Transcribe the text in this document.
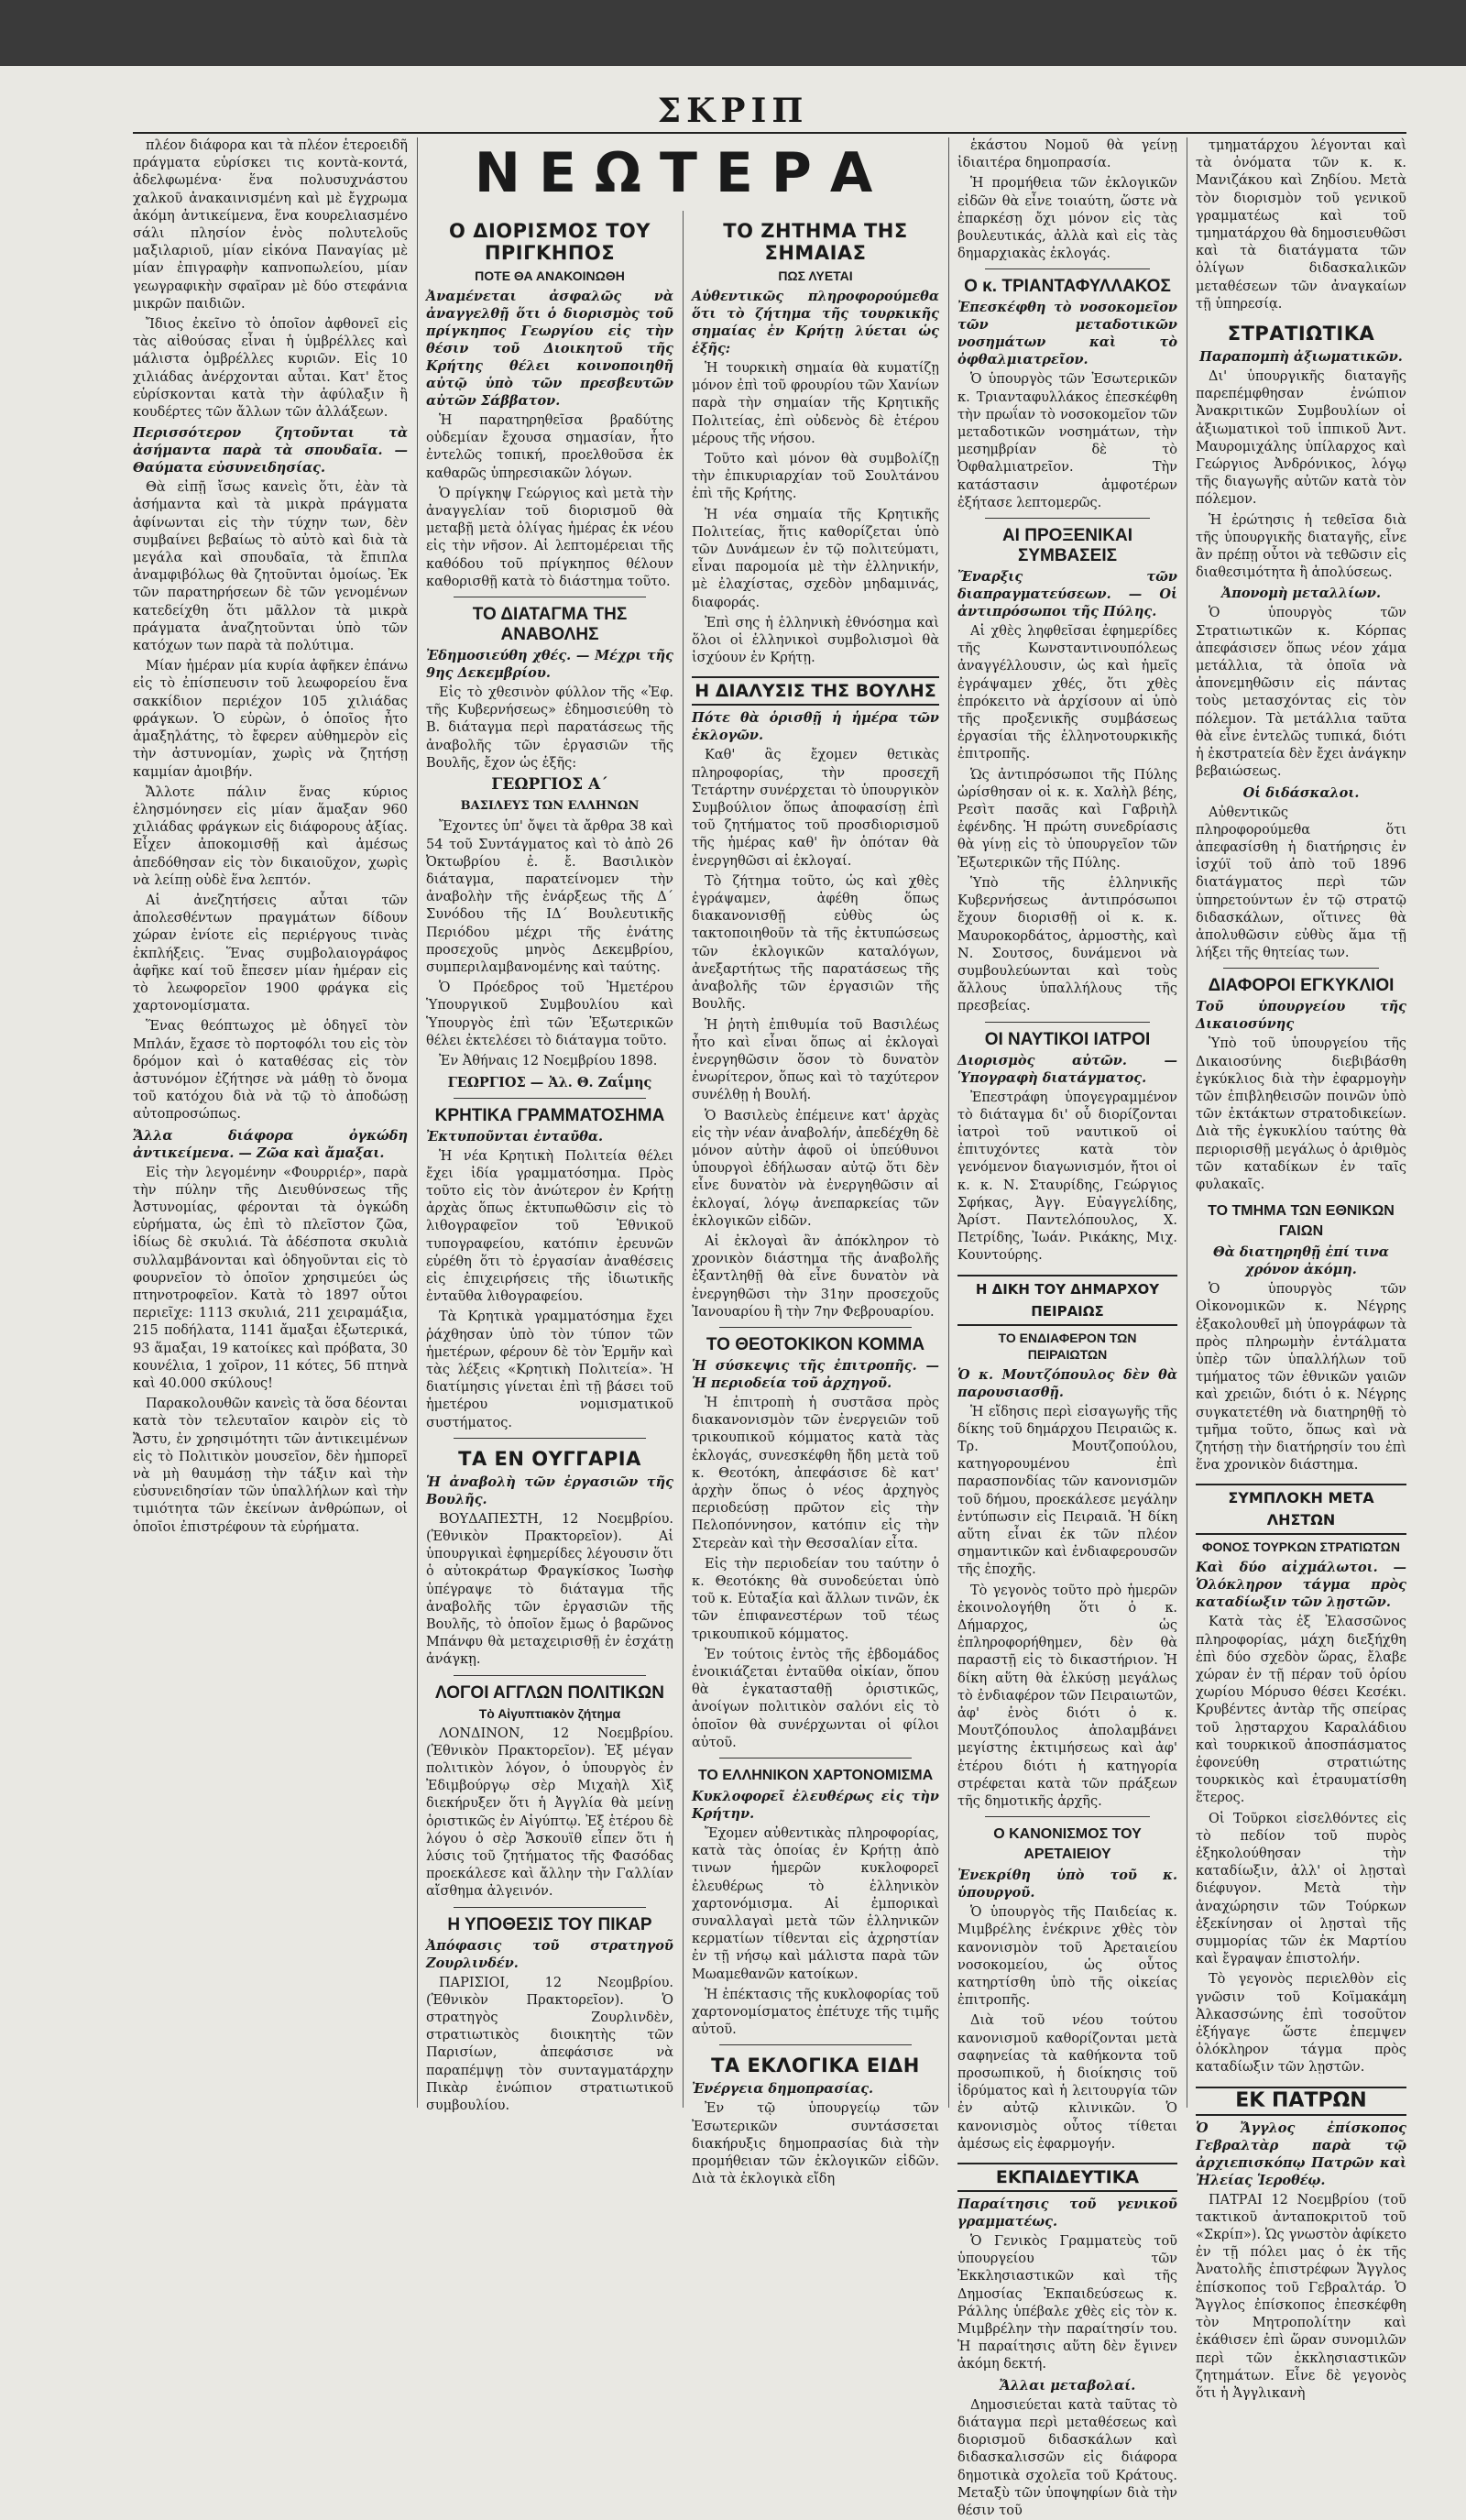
ΣΚΡΙΠ

πλέον διάφορα και τὰ πλέον ἑτεροειδῆ πράγματα εὑρίσκει τις κοντὰ-κοντά, ἀδελφωμένα· ἕνα πολυσυχνάστου χαλκοῦ ἀνακαινισμένη καὶ μὲ ἔγχρωμα ἀκόμη ἀντικείμενα, ἕνα κουρελιασμένο σάλι πλησίον ἑνὸς πολυτελοῦς μαξιλαριοῦ, μίαν εἰκόνα Παναγίας μὲ μίαν ἐπιγραφὴν καπνοπωλείου, μίαν γεωγραφικὴν σφαῖραν μὲ δύο στεφάνια μικρῶν παιδιῶν.

Ἴδιος ἐκεῖνο τὸ ὁποῖον ἀφθονεῖ εἰς τὰς αἰθούσας εἶναι ἡ ὑμβρέλλες καὶ μάλιστα ὀμβρέλλες κυριῶν. Εἰς 10 χιλιάδας ἀνέρχονται αὗται. Κατ' ἔτος εὑρίσκονται κατὰ τὴν ἀφύλαξιν ἢ κουδέρτες τῶν ἄλλων τῶν ἀλλάξεων.

Περισσότερον ζητοῦνται τὰ ἀσήμαντα παρὰ τὰ σπουδαῖα. — Θαύματα εὐσυνειδησίας.

Θὰ εἰπῇ ἴσως κανεὶς ὅτι, ἐὰν τὰ ἀσήμαντα καὶ τὰ μικρὰ πράγματα ἀφίνωνται εἰς τὴν τύχην των, δὲν συμβαίνει βεβαίως τὸ αὐτὸ καὶ διὰ τὰ μεγάλα καὶ σπουδαῖα, τὰ ἔπιπλα ἀναμφιβόλως θὰ ζητοῦνται ὁμοίως. Ἐκ τῶν παρατηρήσεων δὲ τῶν γενομένων κατεδείχθη ὅτι μᾶλλον τὰ μικρὰ πράγματα ἀναζητοῦνται ὑπὸ τῶν κατόχων των παρὰ τὰ πολύτιμα.

Μίαν ἡμέραν μία κυρία ἀφῆκεν ἐπάνω εἰς τὸ ἐπίσπευσιν τοῦ λεωφορείου ἕνα σακκίδιον περιέχον 105 χιλιάδας φράγκων. Ὁ εὑρὼν, ὁ ὁποῖος ἦτο ἁμαξηλάτης, τὸ ἔφερεν αὐθημερὸν εἰς τὴν ἀστυνομίαν, χωρὶς νὰ ζητήσῃ καμμίαν ἀμοιβήν.

Ἄλλοτε πάλιν ἕνας κύριος ἐλησμόνησεν εἰς μίαν ἅμαξαν 960 χιλιάδας φράγκων εἰς διάφορους ἀξίας. Εἶχεν ἀποκομισθῇ καὶ ἀμέσως ἀπεδόθησαν εἰς τὸν δικαιοῦχον, χωρὶς νὰ λείπῃ οὐδὲ ἕνα λεπτόν.

Αἱ ἀνεζητήσεις αὗται τῶν ἀπολεσθέντων πραγμάτων δίδουν χώραν ἐνίοτε εἰς περιέργους τινὰς ἐκπλήξεις. Ἕνας συμβολαιογράφος ἀφῆκε καί τοῦ ἔπεσεν μίαν ἡμέραν εἰς τὸ λεωφορεῖον 1900 φράγκα εἰς χαρτονομίσματα.

Ἕνας θεόπτωχος μὲ ὁδηγεῖ τὸν Μπλάν, ἔχασε τὸ πορτοφόλι του εἰς τὸν δρόμον καὶ ὁ καταθέσας εἰς τὸν ἀστυνόμον ἐζήτησε νὰ μάθῃ τὸ ὄνομα τοῦ κατόχου διὰ νὰ τῷ τὸ ἀποδώσῃ αὐτοπροσώπως.

Ἄλλα διάφορα ὀγκώδη ἀντικείμενα. — Ζῶα καὶ ἄμαξαι.

Εἰς τὴν λεγομένην «Φουρριέρ», παρὰ τὴν πύλην τῆς Διευθύνσεως τῆς Ἀστυνομίας, φέρονται τὰ ὀγκώδη εὑρήματα, ὡς ἐπὶ τὸ πλεῖστον ζῶα, ἰδίως δὲ σκυλιά. Τὰ ἀδέσποτα σκυλιὰ συλλαμβάνονται καὶ ὁδηγοῦνται εἰς τὸ φουρνεῖον τὸ ὁποῖον χρησιμεύει ὡς πτηνοτροφεῖον. Κατὰ τὸ 1897 οὗτοι περιεῖχε: 1113 σκυλιά, 211 χειραμάξια, 215 ποδήλατα, 1141 ἄμαξαι ἐξωτερικά, 93 ἅμαξαι, 19 κατοίκες καὶ πρόβατα, 30 κουνέλια, 1 χοῖρον, 11 κότες, 56 πτηνὰ καὶ 40.000 σκύλους!

Παρακολουθῶν κανεὶς τὰ ὅσα δέονται κατὰ τὸν τελευταῖον καιρὸν εἰς τὸ Ἄστυ, ἐν χρησιμότητι τῶν ἀντικειμένων εἰς τὸ Πολιτικὸν μουσεῖον, δὲν ἠμπορεῖ νὰ μὴ θαυμάσῃ τὴν τάξιν καὶ τὴν εὐσυνειδησίαν τῶν ὑπαλλήλων καὶ τὴν τιμιότητα τῶν ἐκείνων ἀνθρώπων, οἱ ὁποῖοι ἐπιστρέφουν τὰ εὑρήματα.

ΝΕΩΤΕΡΑ
Ο ΔΙΟΡΙΣΜΟΣ ΤΟΥ ΠΡΙΓΚΗΠΟΣ
ΠΟΤΕ ΘΑ ΑΝΑΚΟΙΝΩΘΗ
Ἀναμένεται ἀσφαλῶς νὰ ἀναγγελθῇ ὅτι ὁ διορισμὸς τοῦ πρίγκηπος Γεωργίου εἰς τὴν θέσιν τοῦ Διοικητοῦ τῆς Κρήτης θέλει κοινοποιηθῆ αὐτῷ ὑπὸ τῶν πρεσβευτῶν αὐτῶν Σάββατον.

Ἡ παρατηρηθεῖσα βραδύτης οὐδεμίαν ἔχουσα σημασίαν, ἦτο ἐντελῶς τοπική, προελθοῦσα ἐκ καθαρῶς ὑπηρεσιακῶν λόγων.

Ὁ πρίγκηψ Γεώργιος καὶ μετὰ τὴν ἀναγγελίαν τοῦ διορισμοῦ θὰ μεταβῇ μετὰ ὀλίγας ἡμέρας ἐκ νέου εἰς τὴν νῆσον. Αἱ λεπτομέρειαι τῆς καθόδου τοῦ πρίγκηπος θέλουν καθορισθῇ κατὰ τὸ διάστημα τοῦτο.

ΤΟ ΔΙΑΤΑΓΜΑ ΤΗΣ ΑΝΑΒΟΛΗΣ
Ἐδημοσιεύθη χθές. — Μέχρι τῆς 9ης Δεκεμβρίου.

Εἰς τὸ χθεσινὸν φύλλον τῆς «Ἐφ. τῆς Κυβερνήσεως» ἐδημοσιεύθη τὸ Β. διάταγμα περὶ παρατάσεως τῆς ἀναβολῆς τῶν ἐργασιῶν τῆς Βουλῆς, ἔχον ὡς ἑξῆς:

ΓΕΩΡΓΙΟΣ Α΄
ΒΑΣΙΛΕΥΣ ΤΩΝ ΕΛΛΗΝΩΝ

Ἔχοντες ὑπ' ὄψει τὰ ἄρθρα 38 καὶ 54 τοῦ Συντάγματος καὶ τὸ ἀπὸ 26 Ὀκτωβρίου ἐ. ἔ. Βασιλικὸν διάταγμα, παρατείνομεν τὴν ἀναβολὴν τῆς ἐνάρξεως τῆς Δ΄ Συνόδου τῆς ΙΔ΄ Βουλευτικῆς Περιόδου μέχρι τῆς ἐνάτης προσεχοῦς μηνὸς Δεκεμβρίου, συμπεριλαμβανομένης καὶ ταύτης.

Ὁ Πρόεδρος τοῦ Ἡμετέρου Ὑπουργικοῦ Συμβουλίου καὶ Ὑπουργὸς ἐπὶ τῶν Ἐξωτερικῶν θέλει ἐκτελέσει τὸ διάταγμα τοῦτο.

Ἐν Ἀθήναις 12 Νοεμβρίου 1898.

ΓΕΩΡΓΙΟΣ — Ἀλ. Θ. Ζαΐμης
ΚΡΗΤΙΚΑ ΓΡΑΜΜΑΤΟΣΗΜΑ
Ἐκτυποῦνται ἐνταῦθα.

Ἡ νέα Κρητικὴ Πολιτεία θέλει ἔχει ἰδία γραμματόσημα. Πρὸς τοῦτο εἰς τὸν ἀνώτερον ἐν Κρήτῃ ἀρχὰς ὅπως ἐκτυπωθῶσιν εἰς τὸ λιθογραφεῖον τοῦ Ἑθνικοῦ τυπογραφείου, κατόπιν ἐρευνῶν εὑρέθη ὅτι τὸ ἐργασίαν ἀναθέσεις εἰς ἐπιχειρήσεις τῆς ἰδιωτικῆς ἐνταῦθα λιθογραφείου.

Τὰ Κρητικὰ γραμματόσημα ἔχει ῥάχθησαν ὑπὸ τὸν τύπον τῶν ἡμετέρων, φέρουν δὲ τὸν Ἑρμῆν καὶ τὰς λέξεις «Κρητικὴ Πολιτεία». Ἡ διατίμησις γίνεται ἐπὶ τῇ βάσει τοῦ ἡμετέρου νομισματικοῦ συστήματος.

ΤΑ ΕΝ ΟΥΓΓΑΡΙΑ
Ἡ ἀναβολὴ τῶν ἐργασιῶν τῆς Βουλῆς.

ΒΟΥΔΑΠΕΣΤΗ, 12 Νοεμβρίου. (Ἐθνικὸν Πρακτορεῖον). Αἱ ὑπουργικαὶ ἐφημερίδες λέγουσιν ὅτι ὁ αὐτοκράτωρ Φραγκίσκος Ἰωσὴφ ὑπέγραψε τὸ διάταγμα τῆς ἀναβολῆς τῶν ἐργασιῶν τῆς Βουλῆς, τὸ ὁποῖον ἔμως ὁ βαρῶνος Μπάνφυ θὰ μεταχειρισθῇ ἐν ἐσχάτῃ ἀνάγκῃ.

ΛΟΓΟΙ ΑΓΓΛΩΝ ΠΟΛΙΤΙΚΩΝ
Τὸ Αἰγυπτιακὸν ζήτημα

ΛΟΝΔΙΝΟΝ, 12 Νοεμβρίου. (Ἐθνικὸν Πρακτορεῖον). Ἐξ μέγαν πολιτικὸν λόγον, ὁ ὑπουργὸς ἐν Ἐδιμβούργῳ σὲρ Μιχαὴλ Χὶξ διεκήρυξεν ὅτι ἡ Ἀγγλία θὰ μείνῃ ὁριστικῶς ἐν Αἰγύπτῳ. Ἐξ ἑτέρου δὲ λόγου ὁ σὲρ Ἄσκουϊθ εἶπεν ὅτι ἡ λύσις τοῦ ζητήματος τῆς Φασόδας προεκάλεσε καὶ ἄλλην τὴν Γαλλίαν αἴσθημα ἀλγεινόν.

Η ΥΠΟΘΕΣΙΣ ΤΟΥ ΠΙΚΑΡ
Ἀπόφασις τοῦ στρατηγοῦ Ζουρλινδέν.

ΠΑΡΙΣΙΟΙ, 12 Νεομβρίου. (Ἐθνικὸν Πρακτορεῖον). Ὁ στρατηγὸς Ζουρλινδὲν, στρατιωτικὸς διοικητὴς τῶν Παρισίων, ἀπεφάσισε νὰ παραπέμψῃ τὸν συνταγματάρχην Πικὰρ ἐνώπιον στρατιωτικοῦ συμβουλίου.

ΤΟ ΖΗΤΗΜΑ ΤΗΣ ΣΗΜΑΙΑΣ
ΠΩΣ ΛΥΕΤΑΙ
Αὐθεντικῶς πληροφορούμεθα ὅτι τὸ ζήτημα τῆς τουρκικῆς σημαίας ἐν Κρήτῃ λύεται ὡς ἑξῆς:

Ἡ τουρκικὴ σημαία θὰ κυματίζῃ μόνον ἐπὶ τοῦ φρουρίου τῶν Χανίων παρὰ τὴν σημαίαν τῆς Κρητικῆς Πολιτείας, ἐπὶ οὐδενὸς δὲ ἑτέρου μέρους τῆς νήσου.

Τοῦτο καὶ μόνον θὰ συμβολίζῃ τὴν ἐπικυριαρχίαν τοῦ Σουλτάνου ἐπὶ τῆς Κρήτης.

Ἡ νέα σημαία τῆς Κρητικῆς Πολιτείας, ἥτις καθορίζεται ὑπὸ τῶν Δυνάμεων ἐν τῷ πολιτεύματι, εἶναι παρομοία μὲ τὴν ἑλληνικήν, μὲ ἐλαχίστας, σχεδὸν μηδαμινάς, διαφοράς.

Ἐπὶ σης ἡ ἑλληνικὴ ἐθνόσημα καὶ ὅλοι οἱ ἑλληνικοὶ συμβολισμοὶ θὰ ἰσχύουν ἐν Κρήτῃ.

Η ΔΙΑΛΥΣΙΣ ΤΗΣ ΒΟΥΛΗΣ
Πότε θὰ ὁρισθῇ ἡ ἡμέρα τῶν ἐκλογῶν.

Καθ' ἃς ἔχομεν θετικὰς πληροφορίας, τὴν προσεχῆ Τετάρτην συνέρχεται τὸ ὑπουργικὸν Συμβούλιον ὅπως ἀποφασίσῃ ἐπὶ τοῦ ζητήματος τοῦ προσδιορισμοῦ τῆς ἡμέρας καθ' ἣν ὁπόταν θὰ ἐνεργηθῶσι αἱ ἐκλογαί.

Τὸ ζήτημα τοῦτο, ὡς καὶ χθὲς ἐγράψαμεν, ἀφέθη ὅπως διακανονισθῇ εὐθὺς ὡς τακτοποιηθοῦν τὰ τῆς ἐκτυπώσεως τῶν ἐκλογικῶν καταλόγων, ἀνεξαρτήτως τῆς παρατάσεως τῆς ἀναβολῆς τῶν ἐργασιῶν τῆς Βουλῆς.

Ἡ ῥητὴ ἐπιθυμία τοῦ Βασιλέως ἦτο καὶ εἶναι ὅπως αἱ ἐκλογαὶ ἐνεργηθῶσιν ὅσον τὸ δυνατὸν ἐνωρίτερον, ὅπως καὶ τὸ ταχύτερον συνέλθῃ ἡ Βουλή.

Ὁ Βασιλεὺς ἐπέμεινε κατ' ἀρχὰς εἰς τὴν νέαν ἀναβολήν, ἀπεδέχθη δὲ μόνον αὐτὴν ἀφοῦ οἱ ὑπεύθυνοι ὑπουργοὶ ἐδήλωσαν αὐτῷ ὅτι δὲν εἶνε δυνατὸν νὰ ἐνεργηθῶσιν αἱ ἐκλογαί, λόγῳ ἀνεπαρκείας τῶν ἐκλογικῶν εἰδῶν.

Αἱ ἐκλογαὶ ἂν ἀπόκληρον τὸ χρονικὸν διάστημα τῆς ἀναβολῆς ἐξαντληθῇ θὰ εἶνε δυνατὸν νὰ ἐνεργηθῶσι τὴν 31ην προσεχοῦς Ἰανουαρίου ἢ τὴν 7ην Φεβρουαρίου.

ΤΟ ΘΕΟΤΟΚΙΚΟΝ ΚΟΜΜΑ
Ἡ σύσκεψις τῆς ἐπιτροπῆς. — Ἡ περιοδεία τοῦ ἀρχηγοῦ.

Ἡ ἐπιτροπὴ ἡ συστᾶσα πρὸς διακανονισμὸν τῶν ἐνεργειῶν τοῦ τρικουπικοῦ κόμματος κατὰ τὰς ἐκλογάς, συνεσκέφθη ἤδη μετὰ τοῦ κ. Θεοτόκη, ἀπεφάσισε δὲ κατ' ἀρχὴν ὅπως ὁ νέος ἀρχηγὸς περιοδεύσῃ πρῶτον εἰς τὴν Πελοπόννησον, κατόπιν εἰς τὴν Στερεὰν καὶ τὴν Θεσσαλίαν εἶτα.

Εἰς τὴν περιοδείαν του ταύτην ὁ κ. Θεοτόκης θὰ συνοδεύεται ὑπὸ τοῦ κ. Εὐταξία καὶ ἄλλων τινῶν, ἐκ τῶν ἐπιφανεστέρων τοῦ τέως τρικουπικοῦ κόμματος.

Ἐν τούτοις ἐντὸς τῆς ἑβδομάδος ἐνοικιάζεται ἐνταῦθα οἰκίαν, ὅπου θὰ ἐγκατασταθῇ ὁριστικῶς, ἀνοίγων πολιτικὸν σαλόνι εἰς τὸ ὁποῖον θὰ συνέρχωνται οἱ φίλοι αὐτοῦ.

ΤΟ ΕΛΛΗΝΙΚΟΝ ΧΑΡΤΟΝΟΜΙΣΜΑ
Κυκλοφορεῖ ἐλευθέρως εἰς τὴν Κρήτην.

Ἔχομεν αὐθεντικὰς πληροφορίας, κατὰ τὰς ὁποίας ἐν Κρήτῃ ἀπὸ τινων ἡμερῶν κυκλοφορεῖ ἐλευθέρως τὸ ἑλληνικὸν χαρτονόμισμα. Αἱ ἐμπορικαὶ συναλλαγαὶ μετὰ τῶν ἑλληνικῶν κερματίων τίθενται εἰς ἀχρηστίαν ἐν τῇ νήσῳ καὶ μάλιστα παρὰ τῶν Μωαμεθανῶν κατοίκων.

Ἡ ἐπέκτασις τῆς κυκλοφορίας τοῦ χαρτονομίσματος ἐπέτυχε τῆς τιμῆς αὐτοῦ.

ΤΑ ΕΚΛΟΓΙΚΑ ΕΙΔΗ
Ἐνέργεια δημοπρασίας.

Ἐν τῷ ὑπουργείῳ τῶν Ἐσωτερικῶν συντάσσεται διακήρυξις δημοπρασίας διὰ τὴν προμήθειαν τῶν ἐκλογικῶν εἰδῶν. Διὰ τὰ ἐκλογικὰ εἴδη

ἑκάστου Νομοῦ θὰ γείνῃ ἰδιαιτέρα δημοπρασία.

Ἡ προμήθεια τῶν ἐκλογικῶν εἰδῶν θὰ εἶνε τοιαύτη, ὥστε νὰ ἐπαρκέσῃ ὄχι μόνον εἰς τὰς βουλευτικάς, ἀλλὰ καὶ εἰς τὰς δημαρχιακὰς ἐκλογάς.

Ο κ. ΤΡΙΑΝΤΑΦΥΛΛΑΚΟΣ
Ἐπεσκέφθη τὸ νοσοκομεῖον τῶν μεταδοτικῶν νοσημάτων καὶ τὸ ὀφθαλμιατρεῖον.

Ὁ ὑπουργὸς τῶν Ἐσωτερικῶν κ. Τριανταφυλλάκος ἐπεσκέφθη τὴν πρωΐαν τὸ νοσοκομεῖον τῶν μεταδοτικῶν νοσημάτων, τὴν μεσημβρίαν δὲ τὸ Ὀφθαλμιατρεῖον. Τὴν κατάστασιν ἀμφοτέρων ἐξήτασε λεπτομερῶς.

ΑΙ ΠΡΟΞΕΝΙΚΑΙ ΣΥΜΒΑΣΕΙΣ
Ἔναρξις τῶν διαπραγματεύσεων. — Οἱ ἀντιπρόσωποι τῆς Πύλης.

Αἱ χθὲς ληφθεῖσαι ἐφημερίδες τῆς Κωνσταντινουπόλεως ἀναγγέλλουσιν, ὡς καὶ ἡμεῖς ἐγράψαμεν χθές, ὅτι χθὲς ἐπρόκειτο νὰ ἀρχίσουν αἱ ὑπὸ τῆς προξενικῆς συμβάσεως ἐργασίαι τῆς ἑλληνοτουρκικῆς ἐπιτροπῆς.

Ὡς ἀντιπρόσωποι τῆς Πύλης ὠρίσθησαν οἱ κ. κ. Χαλὴλ βέης, Ρεσὶτ πασᾶς καὶ Γαβριὴλ ἐφένδης. Ἡ πρώτη συνεδρίασις θὰ γίνῃ εἰς τὸ ὑπουργεῖον τῶν Ἐξωτερικῶν τῆς Πύλης.

Ὑπὸ τῆς ἑλληνικῆς Κυβερνήσεως ἀντιπρόσωποι ἔχουν διορισθῇ οἱ κ. κ. Μαυροκορδάτος, ἀρμοστὴς, καὶ Ν. Σουτσος, δυνάμενοι νὰ συμβουλεύωνται καὶ τοὺς ἄλλους ὑπαλλήλους τῆς πρεσβείας.

ΟΙ ΝΑΥΤΙΚΟΙ ΙΑΤΡΟΙ
Διορισμὸς αὐτῶν. — Ὑπογραφὴ διατάγματος.

Ἐπεστράφη ὑπογεγραμμένον τὸ διάταγμα δι' οὗ διορίζονται ἰατροὶ τοῦ ναυτικοῦ οἱ ἐπιτυχόντες κατὰ τὸν γενόμενον διαγωνισμόν, ἤτοι οἱ κ. κ. Ν. Σταυρίδης, Γεώργιος Σφήκας, Ἀγγ. Εὐαγγελίδης, Ἀρίστ. Παντελόπουλος, Χ. Πετρίδης, Ἰωάν. Ρικάκης, Μιχ. Κουντούρης.

Η ΔΙΚΗ ΤΟΥ ΔΗΜΑΡΧΟΥ ΠΕΙΡΑΙΩΣ
ΤΟ ΕΝΔΙΑΦΕΡΟΝ ΤΩΝ ΠΕΙΡΑΙΩΤΩΝ
Ὁ κ. Μουτζόπουλος δὲν θὰ παρουσιασθῇ.

Ἡ εἴδησις περὶ εἰσαγωγῆς τῆς δίκης τοῦ δημάρχου Πειραιῶς κ. Τρ. Μουτζοπούλου, κατηγορουμένου ἐπὶ παρασπονδίας τῶν κανονισμῶν τοῦ δήμου, προεκάλεσε μεγάλην ἐντύπωσιν εἰς Πειραιᾶ. Ἡ δίκη αὕτη εἶναι ἐκ τῶν πλέον σημαντικῶν καὶ ἐνδιαφερουσῶν τῆς ἐποχῆς.

Τὸ γεγονὸς τοῦτο πρὸ ἡμερῶν ἐκοινολογήθη ὅτι ὁ κ. Δήμαρχος, ὡς ἐπληροφορήθημεν, δὲν θὰ παραστῇ εἰς τὸ δικαστήριον. Ἡ δίκη αὕτη θὰ ἑλκύσῃ μεγάλως τὸ ἐνδιαφέρον τῶν Πειραιωτῶν, ἀφ' ἑνὸς διότι ὁ κ. Μουτζόπουλος ἀπολαμβάνει μεγίστης ἐκτιμήσεως καὶ ἀφ' ἑτέρου διότι ἡ κατηγορία στρέφεται κατὰ τῶν πράξεων τῆς δημοτικῆς ἀρχῆς.

Ο ΚΑΝΟΝΙΣΜΟΣ ΤΟΥ ΑΡΕΤΑΙΕΙΟΥ
Ἐνεκρίθη ὑπὸ τοῦ κ. ὑπουργοῦ.

Ὁ ὑπουργὸς τῆς Παιδείας κ. Μιμβρέλης ἐνέκρινε χθὲς τὸν κανονισμὸν τοῦ Ἀρεταιείου νοσοκομείου, ὡς οὗτος κατηρτίσθη ὑπὸ τῆς οἰκείας ἐπιτροπῆς.

Διὰ τοῦ νέου τούτου κανονισμοῦ καθορίζονται μετὰ σαφηνείας τὰ καθήκοντα τοῦ προσωπικοῦ, ἡ διοίκησις τοῦ ἱδρύματος καὶ ἡ λειτουργία τῶν ἐν αὐτῷ κλινικῶν. Ὁ κανονισμὸς οὗτος τίθεται ἀμέσως εἰς ἐφαρμογήν.

ΕΚΠΑΙΔΕΥΤΙΚΑ
Παραίτησις τοῦ γενικοῦ γραμματέως.

Ὁ Γενικὸς Γραμματεὺς τοῦ ὑπουργείου τῶν Ἐκκλησιαστικῶν καὶ τῆς Δημοσίας Ἐκπαιδεύσεως κ. Ράλλης ὑπέβαλε χθὲς εἰς τὸν κ. Μιμβρέλην τὴν παραίτησίν του. Ἡ παραίτησις αὕτη δὲν ἔγινεν ἀκόμη δεκτή.

Ἄλλαι μεταβολαί.

Δημοσιεύεται κατὰ ταῦτας τὸ διάταγμα περὶ μεταθέσεως καὶ διορισμοῦ διδασκάλων καὶ διδασκαλισσῶν εἰς διάφορα δημοτικὰ σχολεῖα τοῦ Κράτους. Μεταξὺ τῶν ὑποψηφίων διὰ τὴν θέσιν τοῦ

τμηματάρχου λέγονται καὶ τὰ ὀνόματα τῶν κ. κ. Μανιζάκου καὶ Ζηδίου. Μετὰ τὸν διορισμὸν τοῦ γενικοῦ γραμματέως καὶ τοῦ τμηματάρχου θὰ δημοσιευθῶσι καὶ τὰ διατάγματα τῶν ὀλίγων διδασκαλικῶν μεταθέσεων τῶν ἀναγκαίων τῇ ὑπηρεσίᾳ.

ΣΤΡΑΤΙΩΤΙΚΑ
Παραπομπὴ ἀξιωματικῶν.

Δι' ὑπουργικῆς διαταγῆς παρεπέμφθησαν ἐνώπιον Ἀνακριτικῶν Συμβουλίων οἱ ἀξιωματικοὶ τοῦ ἱππικοῦ Ἀντ. Μαυρομιχάλης ὑπίλαρχος καὶ Γεώργιος Ἀνδρόνικος, λόγῳ τῆς διαγωγῆς αὐτῶν κατὰ τὸν πόλεμον.

Ἡ ἐρώτησις ἡ τεθεῖσα διὰ τῆς ὑπουργικῆς διαταγῆς, εἶνε ἂν πρέπῃ οὗτοι νὰ τεθῶσιν εἰς διαθεσιμότητα ἢ ἀπολύσεως.

Ἀπονομὴ μεταλλίων.

Ὁ ὑπουργὸς τῶν Στρατιωτικῶν κ. Κόρπας ἀπεφάσισεν ὅπως νέον χάμα μετάλλια, τὰ ὁποῖα νὰ ἀπονεμηθῶσιν εἰς πάντας τοὺς μετασχόντας εἰς τὸν πόλεμον. Τὰ μετάλλια ταῦτα θὰ εἶνε ἐντελῶς τυπικά, διότι ἡ ἐκστρατεία δὲν ἔχει ἀνάγκην βεβαιώσεως.

Οἱ διδάσκαλοι.

Αὐθεντικῶς πληροφορούμεθα ὅτι ἀπεφασίσθη ἡ διατήρησις ἐν ἰσχύϊ τοῦ ἀπὸ τοῦ 1896 διατάγματος περὶ τῶν ὑπηρετούντων ἐν τῷ στρατῷ διδασκάλων, οἵτινες θὰ ἀπολυθῶσιν εὐθὺς ἅμα τῇ λήξει τῆς θητείας των.

ΔΙΑΦΟΡΟΙ ΕΓΚΥΚΛΙΟΙ
Τοῦ ὑπουργείου τῆς Δικαιοσύνης

Ὑπὸ τοῦ ὑπουργείου τῆς Δικαιοσύνης διεβιβάσθη ἐγκύκλιος διὰ τὴν ἐφαρμογὴν τῶν ἐπιβληθεισῶν ποινῶν ὑπὸ τῶν ἐκτάκτων στρατοδικείων. Διὰ τῆς ἐγκυκλίου ταύτης θὰ περιορισθῇ μεγάλως ὁ ἀριθμὸς τῶν καταδίκων ἐν ταῖς φυλακαῖς.

ΤΟ ΤΜΗΜΑ ΤΩΝ ΕΘΝΙΚΩΝ ΓΑΙΩΝ
Θὰ διατηρηθῇ ἐπί τινα χρόνον ἀκόμη.

Ὁ ὑπουργὸς τῶν Οἰκονομικῶν κ. Νέγρης ἐξακολουθεῖ μὴ ὑπογράφων τὰ πρὸς πληρωμὴν ἐντάλματα ὑπὲρ τῶν ὑπαλλήλων τοῦ τμήματος τῶν ἐθνικῶν γαιῶν καὶ χρειῶν, διότι ὁ κ. Νέγρης συγκατετέθη νὰ διατηρηθῇ τὸ τμῆμα τοῦτο, ὅπως καὶ νὰ ζητήσῃ τὴν διατήρησίν του ἐπὶ ἕνα χρονικὸν διάστημα.

ΣΥΜΠΛΟΚΗ ΜΕΤΑ ΛΗΣΤΩΝ
ΦΟΝΟΣ ΤΟΥΡΚΩΝ ΣΤΡΑΤΙΩΤΩΝ
Καὶ δύο αἰχμάλωτοι. — Ὁλόκληρον τάγμα πρὸς καταδίωξιν τῶν λῃστῶν.

Κατὰ τὰς ἐξ Ἐλασσῶνος πληροφορίας, μάχη διεξήχθη ἐπὶ δύο σχεδὸν ὥρας, ἔλαβε χώραν ἐν τῇ πέραν τοῦ ὁρίου χωρίου Μόρυσο θέσει Κεσέκι. Κρυβέντες ἀντὰρ τῆς σπείρας τοῦ λῃσταρχου Καραλάδιου καὶ τουρκικοῦ ἀποσπάσματος ἐφονεύθη στρατιώτης τουρκικὸς καὶ ἐτραυματίσθη ἕτερος.

Οἱ Τοῦρκοι εἰσελθόντες εἰς τὸ πεδίον τοῦ πυρὸς ἐξηκολούθησαν τὴν καταδίωξιν, ἀλλ' οἱ λῃσταὶ διέφυγον. Μετὰ τὴν ἀναχώρησιν τῶν Τούρκων ἐξεκίνησαν οἱ λῃσταὶ τῆς συμμορίας τῶν ἐκ Μαρτίου καὶ ἔγραψαν ἐπιστολήν.

Τὸ γεγονὸς περιελθὸν εἰς γνῶσιν τοῦ Κοϊμακάμη Ἀλκασσώνης ἐπὶ τοσοῦτον ἐξήγαγε ὥστε ἐπεμψεν ὁλόκληρον τάγμα πρὸς καταδίωξιν τῶν λῃστῶν.

ΕΚ ΠΑΤΡΩΝ
Ὁ Ἄγγλος ἐπίσκοπος Γεβραλτὰρ παρὰ τῷ ἀρχιεπισκόπῳ Πατρῶν καὶ Ἠλείας Ἱεροθέῳ.

ΠΑΤΡΑΙ 12 Νοεμβρίου (τοῦ τακτικοῦ ἀνταποκριτοῦ τοῦ «Σκρίπ»). Ὡς γνωστὸν ἀφίκετο ἐν τῇ πόλει μας ὁ ἐκ τῆς Ἀνατολῆς ἐπιστρέφων Ἄγγλος ἐπίσκοπος τοῦ Γεβραλτάρ. Ὁ Ἄγγλος ἐπίσκοπος ἐπεσκέφθη τὸν Μητροπολίτην καὶ ἐκάθισεν ἐπὶ ὥραν συνομιλῶν περὶ τῶν ἐκκλησιαστικῶν ζητημάτων. Εἶνε δὲ γεγονὸς ὅτι ἡ Ἀγγλικανὴ
